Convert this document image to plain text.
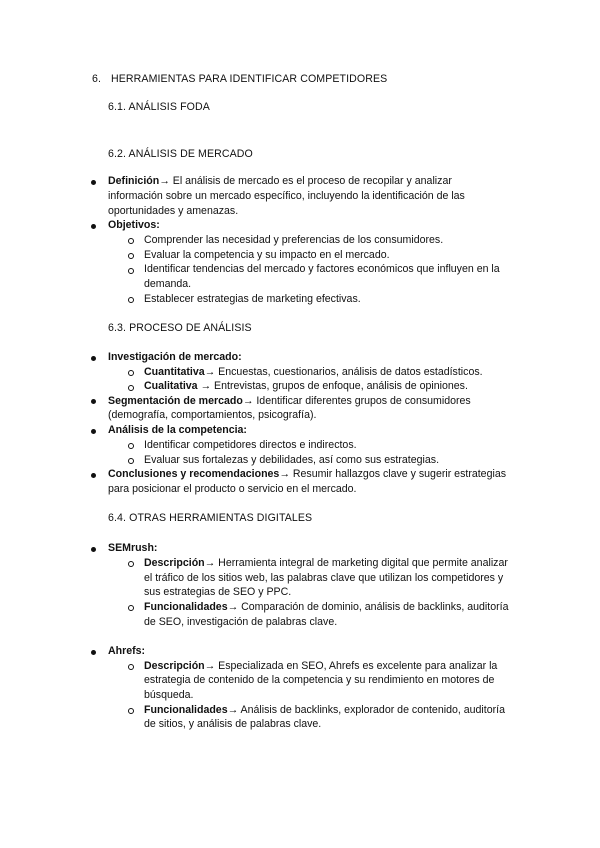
6. HERRAMIENTAS PARA IDENTIFICAR COMPETIDORES
6.1. ANÁLISIS FODA
6.2. ANÁLISIS DE MERCADO
Definición→ El análisis de mercado es el proceso de recopilar y analizar
información sobre un mercado específico, incluyendo la identificación de las
oportunidades y amenazas.
Objetivos:
Comprender las necesidad y preferencias de los consumidores.
Evaluar la competencia y su impacto en el mercado.
Identificar tendencias del mercado y factores económicos que influyen en la
demanda.
Establecer estrategias de marketing efectivas.
6.3. PROCESO DE ANÁLISIS
Investigación de mercado:
Cuantitativa→ Encuestas, cuestionarios, análisis de datos estadísticos.
Cualitativa → Entrevistas, grupos de enfoque, análisis de opiniones.
Segmentación de mercado→ Identificar diferentes grupos de consumidores
(demografía, comportamientos, psicografía).
Análisis de la competencia:
Identificar competidores directos e indirectos.
Evaluar sus fortalezas y debilidades, así como sus estrategias.
Conclusiones y recomendaciones→ Resumir hallazgos clave y sugerir estrategias
para posicionar el producto o servicio en el mercado.
6.4. OTRAS HERRAMIENTAS DIGITALES
SEMrush:
Descripción→ Herramienta integral de marketing digital que permite analizar
el tráfico de los sitios web, las palabras clave que utilizan los competidores y
sus estrategias de SEO y PPC.
Funcionalidades→ Comparación de dominio, análisis de backlinks, auditoría
de SEO, investigación de palabras clave.
Ahrefs:
Descripción→ Especializada en SEO, Ahrefs es excelente para analizar la
estrategia de contenido de la competencia y su rendimiento en motores de
búsqueda.
Funcionalidades→ Análisis de backlinks, explorador de contenido, auditoría
de sitios, y análisis de palabras clave.
